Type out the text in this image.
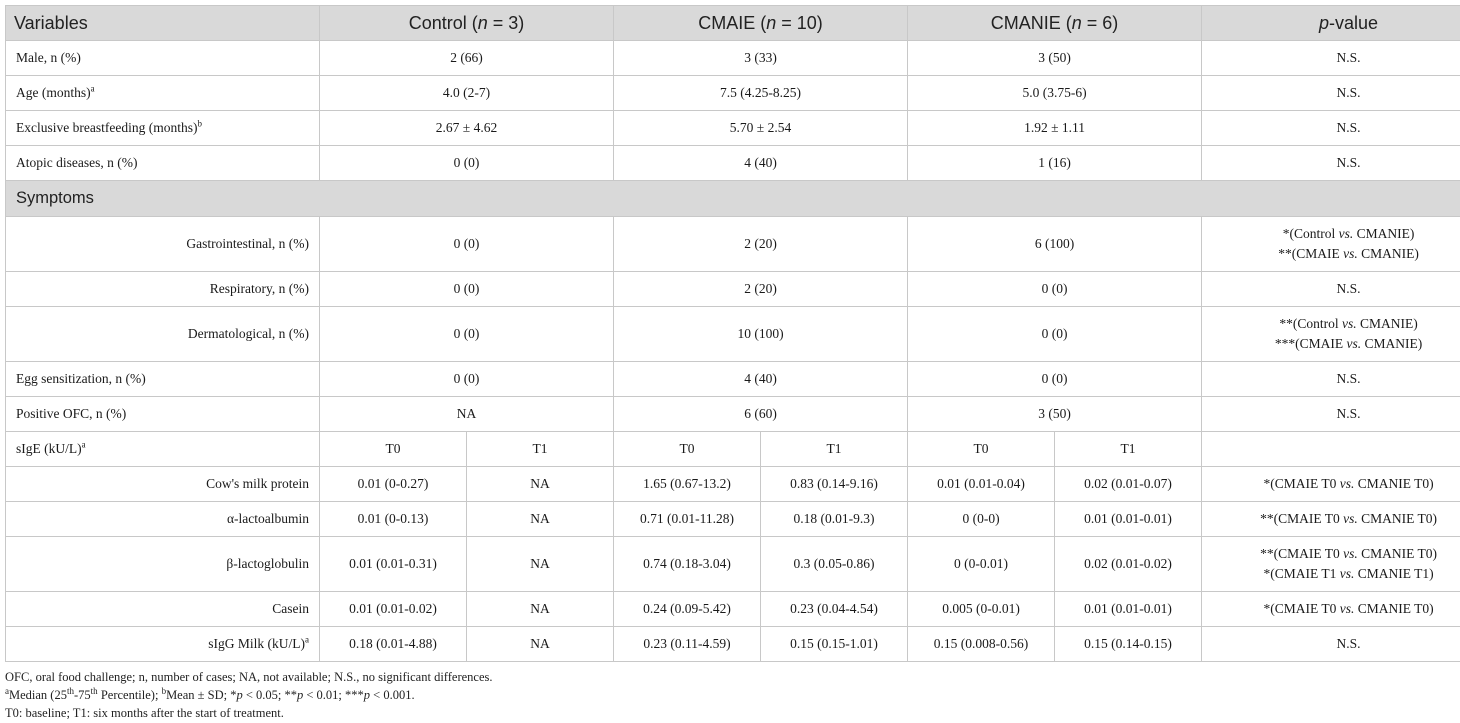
Variables	Control (n = 3)		CMAIE (n = 10)		CMANIE (n = 6)		p-value
Male, n (%)	2 (66)		3 (33)		3 (50)		N.S.
Age (months)$^a$	4.0 (2-7)		7.5 (4.25-8.25)		5.0 (3.75-6)		N.S.
Exclusive breastfeeding (months)$^b$	2.67 ± 4.62		5.70 ± 2.54		1.92 ± 1.11		N.S.
Atopic diseases, n (%)	0 (0)		4 (40)		1 (16)		N.S.
Symptoms							
Gastrointestinal, n (%)	0 (0)		2 (20)		6 (100)		*(Control vs. CMANIE)
**(CMAIE vs. CMANIE)

Respiratory, n (%)	0 (0)		2 (20)		0 (0)		N.S.
Dermatological, n (%)	0 (0)		10 (100)		0 (0)		**(Control vs. CMANIE)
***(CMAIE vs. CMANIE)

Egg sensitization, n (%)	0 (0)		4 (40)		0 (0)		N.S.
Positive OFC, n (%)	NA		6 (60)		3 (50)		N.S.
sIgE $(kU/L)^a$	T0	T1	T0	T1	T0	T1	
Cow's milk protein	0.01 (0-0.27)	NA	1.65 (0.67-13.2)	0.83 (0.14-9.16)	0.01 (0.01-0.04)	0.02 (0.01-0.07)	*(CMAIE T0 vs. CMANIE T0)
α-lactoalbumin	0.01 (0-0.13)	NA	0.71 (0.01-11.28)	0.18 (0.01-9.3)	0 (0-0)	0.01 (0.01-0.01)	**(CMAIE T0 vs. CMANIE T0)
β-lactoglobulin	0.01 (0.01-0.31)	NA	0.74 (0.18-3.04)	0.3 (0.05-0.86)	0 (0-0.01)	0.02 (0.01-0.02)	**(CMAIE T0 vs. CMANIE T0)
*(CMAIE T1 vs. CMANIE T1)

Casein	0.01 (0.01-0.02)	NA	0.24 (0.09-5.42)	0.23 (0.04-4.54)	0.005 (0-0.01)	0.01 (0.01-0.01)	*(CMAIE T0 vs. CMANIE T0)
sIgG Milk $(kU/L)^a$	0.18 (0.01-4.88)	NA	0.23 (0.11-4.59)	0.15 (0.15-1.01)	0.15 (0.008-0.56)	0.15 (0.14-0.15)	N.S.
OFC, oral food challenge; n, number of cases; NA, not available; N.S., no significant differences.
$^a$Median (25th-75th Percentile); $^b$Mean ± SD; *p < 0.05; **p < 0.01; ***p < 0.001.
T0: baseline; T1: six months after the start of treatment.
